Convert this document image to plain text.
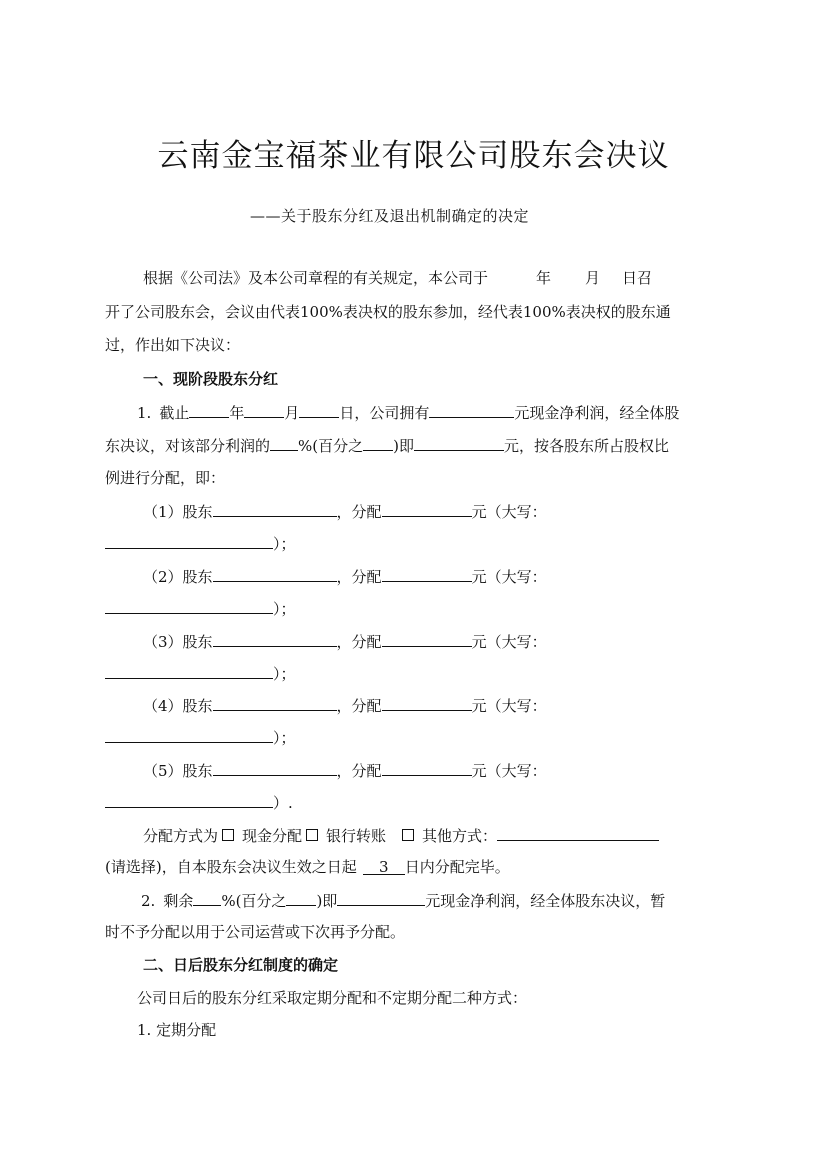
云南金宝福茶业有限公司股东会决议
——关于股东分红及退出机制确定的决定
根据《公司法》及本公司章程的有关规定，本公司于	年 月 日召
开了公司股东会，会议由代表100%表决权的股东参加，经代表100%表决权的股东通
过，作出如下决议：
一、现阶段股东分红
1. 截止	年	月	日，公司拥有	元现金净利润，经全体股
东决议，对该部分利润的 %(百分之 )即	元，按各股东所占股权比
例进行分配，即：
（1）股东	，分配	元（大写：
）；
（2）股东	，分配	元（大写：
）；
（3）股东	，分配	元（大写：
）；
（4）股东	，分配	元（大写：
）；
（5）股东	，分配	元（大写：
）.
分配方式为 现金分配 银行转账 其他方式：
(请选择)，自本股东会决议生效之日起 3 日内分配完毕。
2. 剩余 %(百分之 )即	元现金净利润，经全体股东决议，暂
时不予分配以用于公司运营或下次再予分配。
二、日后股东分红制度的确定
公司日后的股东分红采取定期分配和不定期分配二种方式：
1. 定期分配
